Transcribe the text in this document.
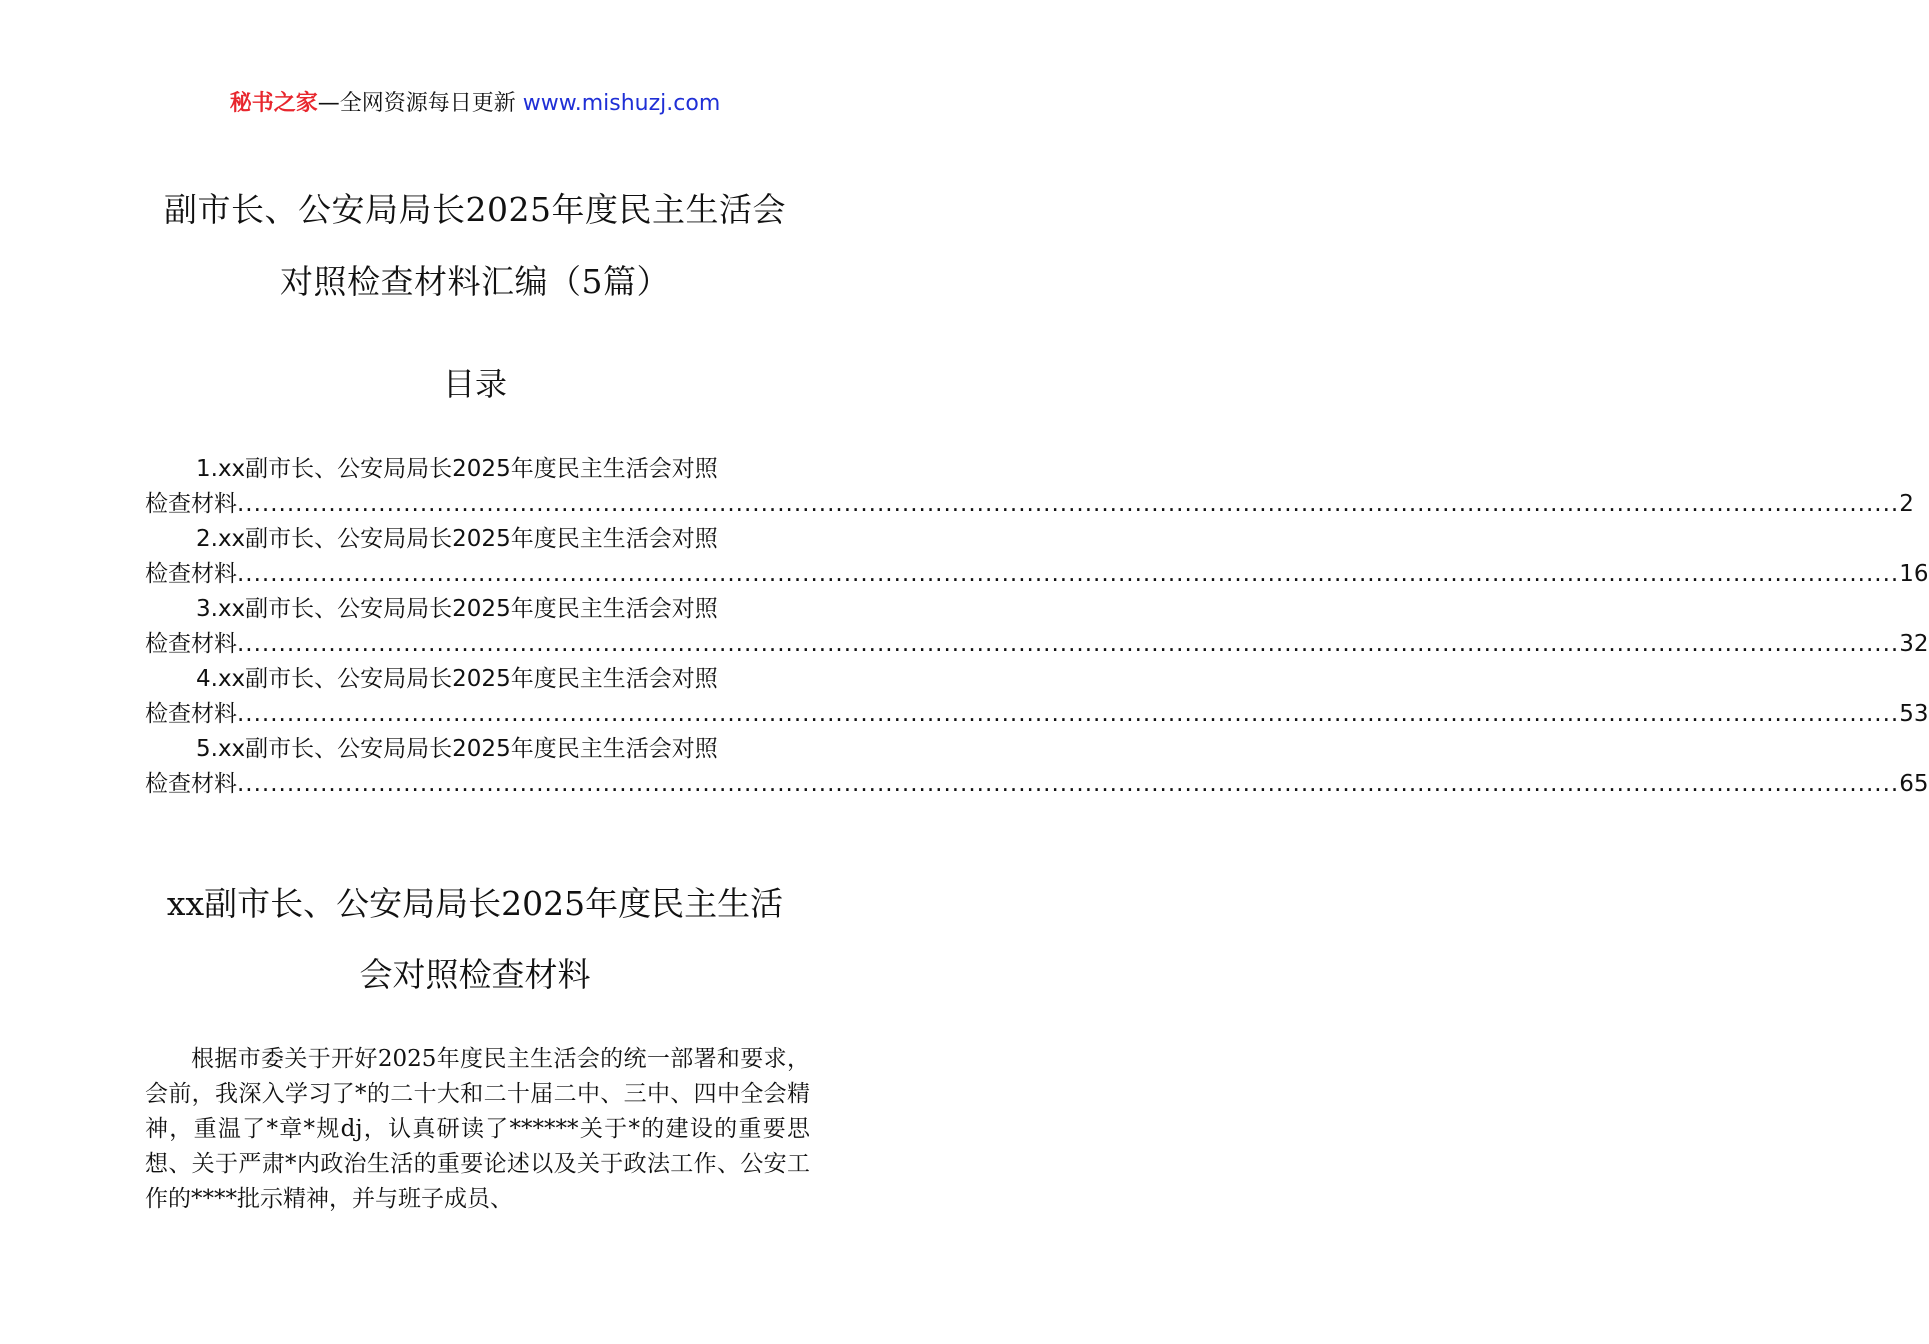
秘书之家—全网资源每日更新 www.mishuzj.com
副市长、公安局局长2025年度民主生活会
对照检查材料汇编（5篇）
目录
1.xx副市长、公安局局长2025年度民主生活会对照
检查材料 ........................................................................................................................................................................................................ 2
2.xx副市长、公安局局长2025年度民主生活会对照
检查材料 ........................................................................................................................................................................................................ 16
3.xx副市长、公安局局长2025年度民主生活会对照
检查材料 ........................................................................................................................................................................................................ 32
4.xx副市长、公安局局长2025年度民主生活会对照
检查材料 ........................................................................................................................................................................................................ 53
5.xx副市长、公安局局长2025年度民主生活会对照
检查材料 ........................................................................................................................................................................................................ 65
xx副市长、公安局局长2025年度民主生活
会对照检查材料

根据市委关于开好2025年度民主生活会的统一部署和要求，会前，我深入学习了*的二十大和二十届二中、三中、四中全会精神，重温了*章*规dj，认真研读了******关于*的建设的重要思想、关于严肃*内政治生活的重要论述以及关于政法工作、公安工作的****批示精神，并与班子成员、
